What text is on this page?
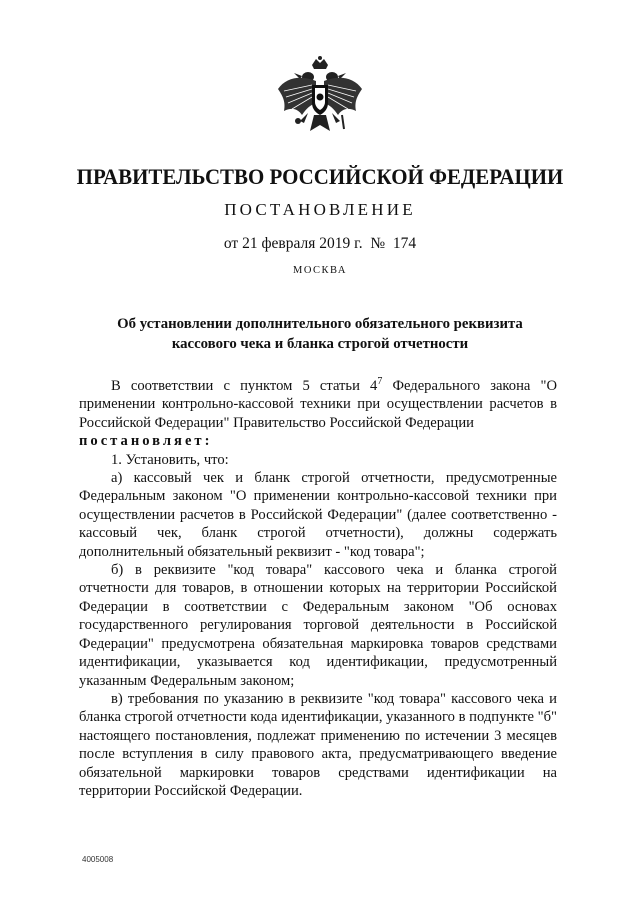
ПРАВИТЕЛЬСТВО РОССИЙСКОЙ ФЕДЕРАЦИИ
ПОСТАНОВЛЕНИЕ
от 21 февраля 2019 г.  №  174
МОСКВА
Об установлении дополнительного обязательного реквизита
кассового чека и бланка строгой отчетности

В соответствии с пунктом 5 статьи $4^7$ Федерального закона "О применении контрольно-кассовой техники при осуществлении расчетов в Российской Федерации" Правительство Российской Федерации

постановляет:

1. Установить, что:

а) кассовый чек и бланк строгой отчетности, предусмотренные Федеральным законом "О применении контрольно-кассовой техники при осуществлении расчетов в Российской Федерации" (далее соответственно - кассовый чек, бланк строгой отчетности), должны содержать дополнительный обязательный реквизит - "код товара";

б) в реквизите "код товара" кассового чека и бланка строгой отчетности для товаров, в отношении которых на территории Российской Федерации в соответствии с Федеральным законом "Об основах государственного регулирования торговой деятельности в Российской Федерации" предусмотрена обязательная маркировка товаров средствами идентификации, указывается код идентификации, предусмотренный указанным Федеральным законом;

в) требования по указанию в реквизите "код товара" кассового чека и бланка строгой отчетности кода идентификации, указанного в подпункте "б" настоящего постановления, подлежат применению по истечении 3 месяцев после вступления в силу правового акта, предусматривающего введение обязательной маркировки товаров средствами идентификации на территории Российской Федерации.

4005008
